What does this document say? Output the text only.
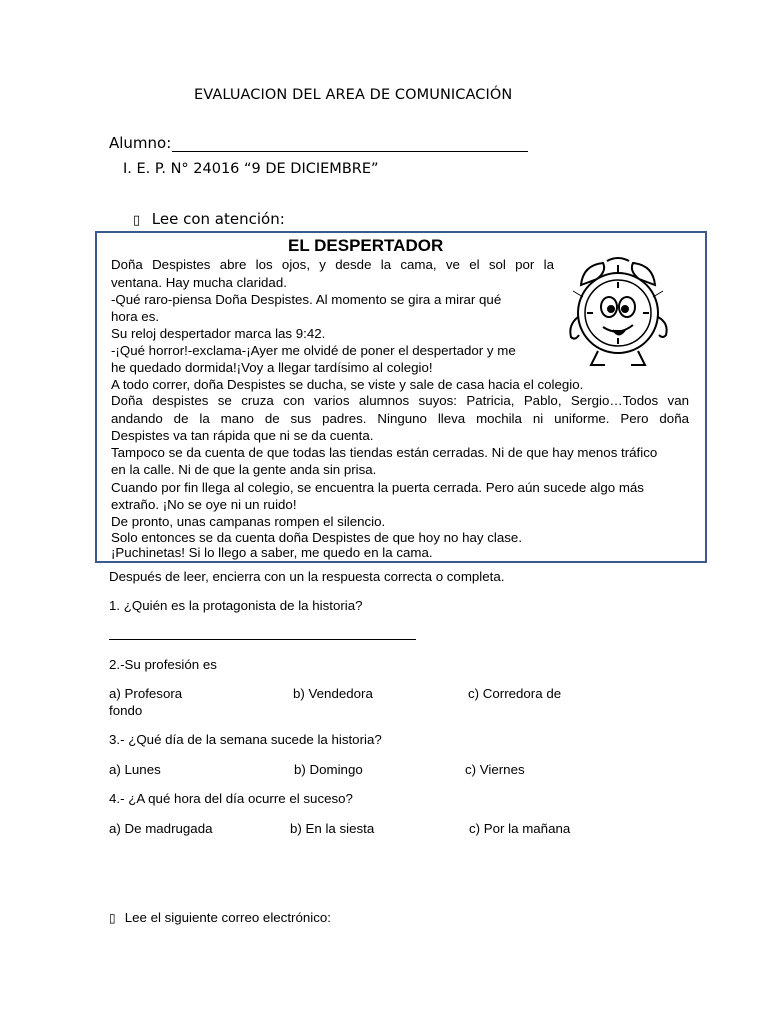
EVALUACION DEL AREA DE COMUNICACIÓN
Alumno:
I. E. P. N° 24016 “9 DE DICIEMBRE”
▯ Lee con atención:
EL DESPERTADOR
Doña Despistes abre los ojos, y desde la cama, ve el sol por la
ventana. Hay mucha claridad.
-Qué raro-piensa Doña Despistes. Al momento se gira a mirar qué
hora es.
Su reloj despertador marca las 9:42.
-¡Qué horror!-exclama-¡Ayer me olvidé de poner el despertador y me
he quedado dormida!¡Voy a llegar tardísimo al colegio!
A todo correr, doña Despistes se ducha, se viste y sale de casa hacia el colegio.
Doña despistes se cruza con varios alumnos suyos: Patricia, Pablo, Sergio…Todos van
andando de la mano de sus padres. Ninguno lleva mochila ni uniforme. Pero doña
Despistes va tan rápida que ni se da cuenta.
Tampoco se da cuenta de que todas las tiendas están cerradas. Ni de que hay menos tráfico
en la calle. Ni de que la gente anda sin prisa.
Cuando por fin llega al colegio, se encuentra la puerta cerrada. Pero aún sucede algo más
extraño. ¡No se oye ni un ruido!
De pronto, unas campanas rompen el silencio.
Solo entonces se da cuenta doña Despistes de que hoy no hay clase.
¡Puchinetas! Si lo llego a saber, me quedo en la cama.
Después de leer, encierra con un la respuesta correcta o completa.
1. ¿Quién es la protagonista de la historia?
2.-Su profesión es
a) Profesora	b) Vendedora	c) Corredora de
fondo
3.- ¿Qué día de la semana sucede la historia?
a) Lunes	b) Domingo	c) Viernes
4.- ¿A qué hora del día ocurre el suceso?
a) De madrugada	b) En la siesta	c) Por la mañana
▯ Lee el siguiente correo electrónico:
